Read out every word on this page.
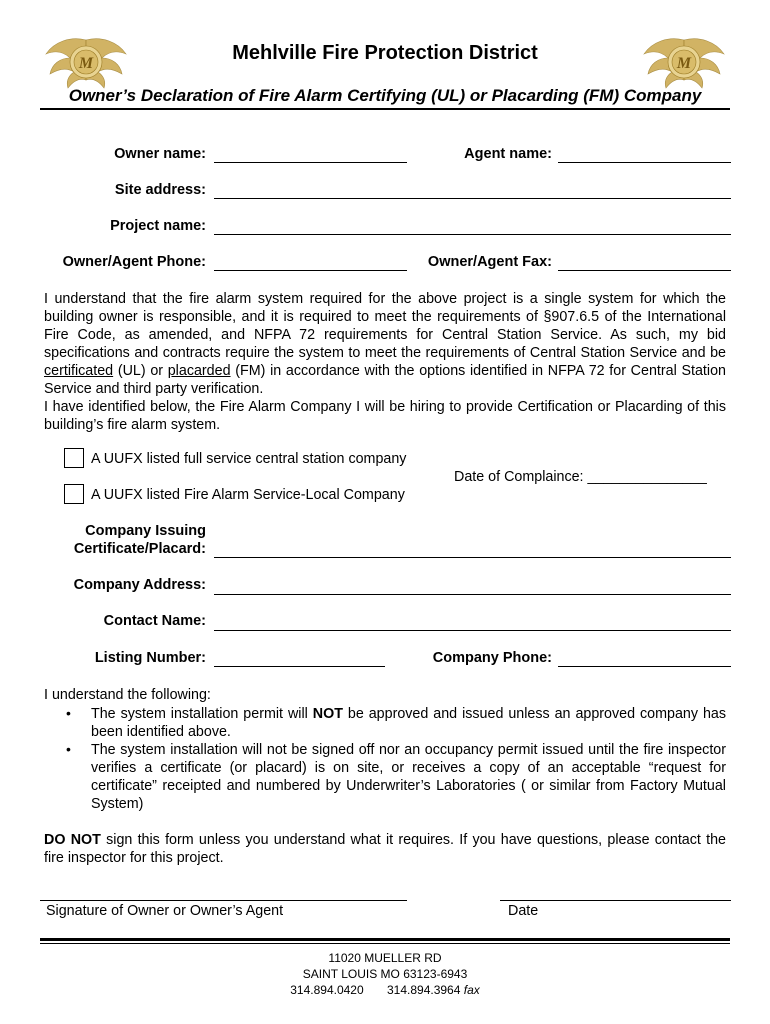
M	M
Mehlville Fire Protection District
Owner’s Declaration of Fire Alarm Certifying (UL) or Placarding (FM) Company
Owner name:	Agent name:
Site address:
Project name:
Owner/Agent Phone:	Owner/Agent Fax:
I understand that the fire alarm system required for the above project is a single system for which the building owner is responsible, and it is required to meet the requirements of §907.6.5 of the International Fire Code, as amended, and NFPA 72 requirements for Central Station Service. As such, my bid specifications and contracts require the system to meet the requirements of Central Station Service and be certificated (UL) or placarded (FM) in accordance with the options identified in NFPA 72 for Central Station Service and third party verification.
I have identified below, the Fire Alarm Company I will be hiring to provide Certification or Placarding of this building’s fire alarm system.
A UUFX listed full service central station company
A UUFX listed Fire Alarm Service-Local Company
Date of Complaince: _______________
Company Issuing
Certificate/Placard:
Company Address:
Contact Name:
Listing Number:	Company Phone:
I understand the following:
• The system installation permit will NOT be approved and issued unless an approved company has been identified above.
• The system installation will not be signed off nor an occupancy permit issued until the fire inspector verifies a certificate (or placard) is on site, or receives a copy of an acceptable “request for certificate” receipted and numbered by Underwriter’s Laboratories ( or similar from Factory Mutual System)
DO NOT sign this form unless you understand what it requires. If you have questions, please contact the fire inspector for this project.
Signature of Owner or Owner’s Agent	Date
11020 MUELLER RD
SAINT LOUIS MO 63123-6943
314.894.0420 314.894.3964 fax
